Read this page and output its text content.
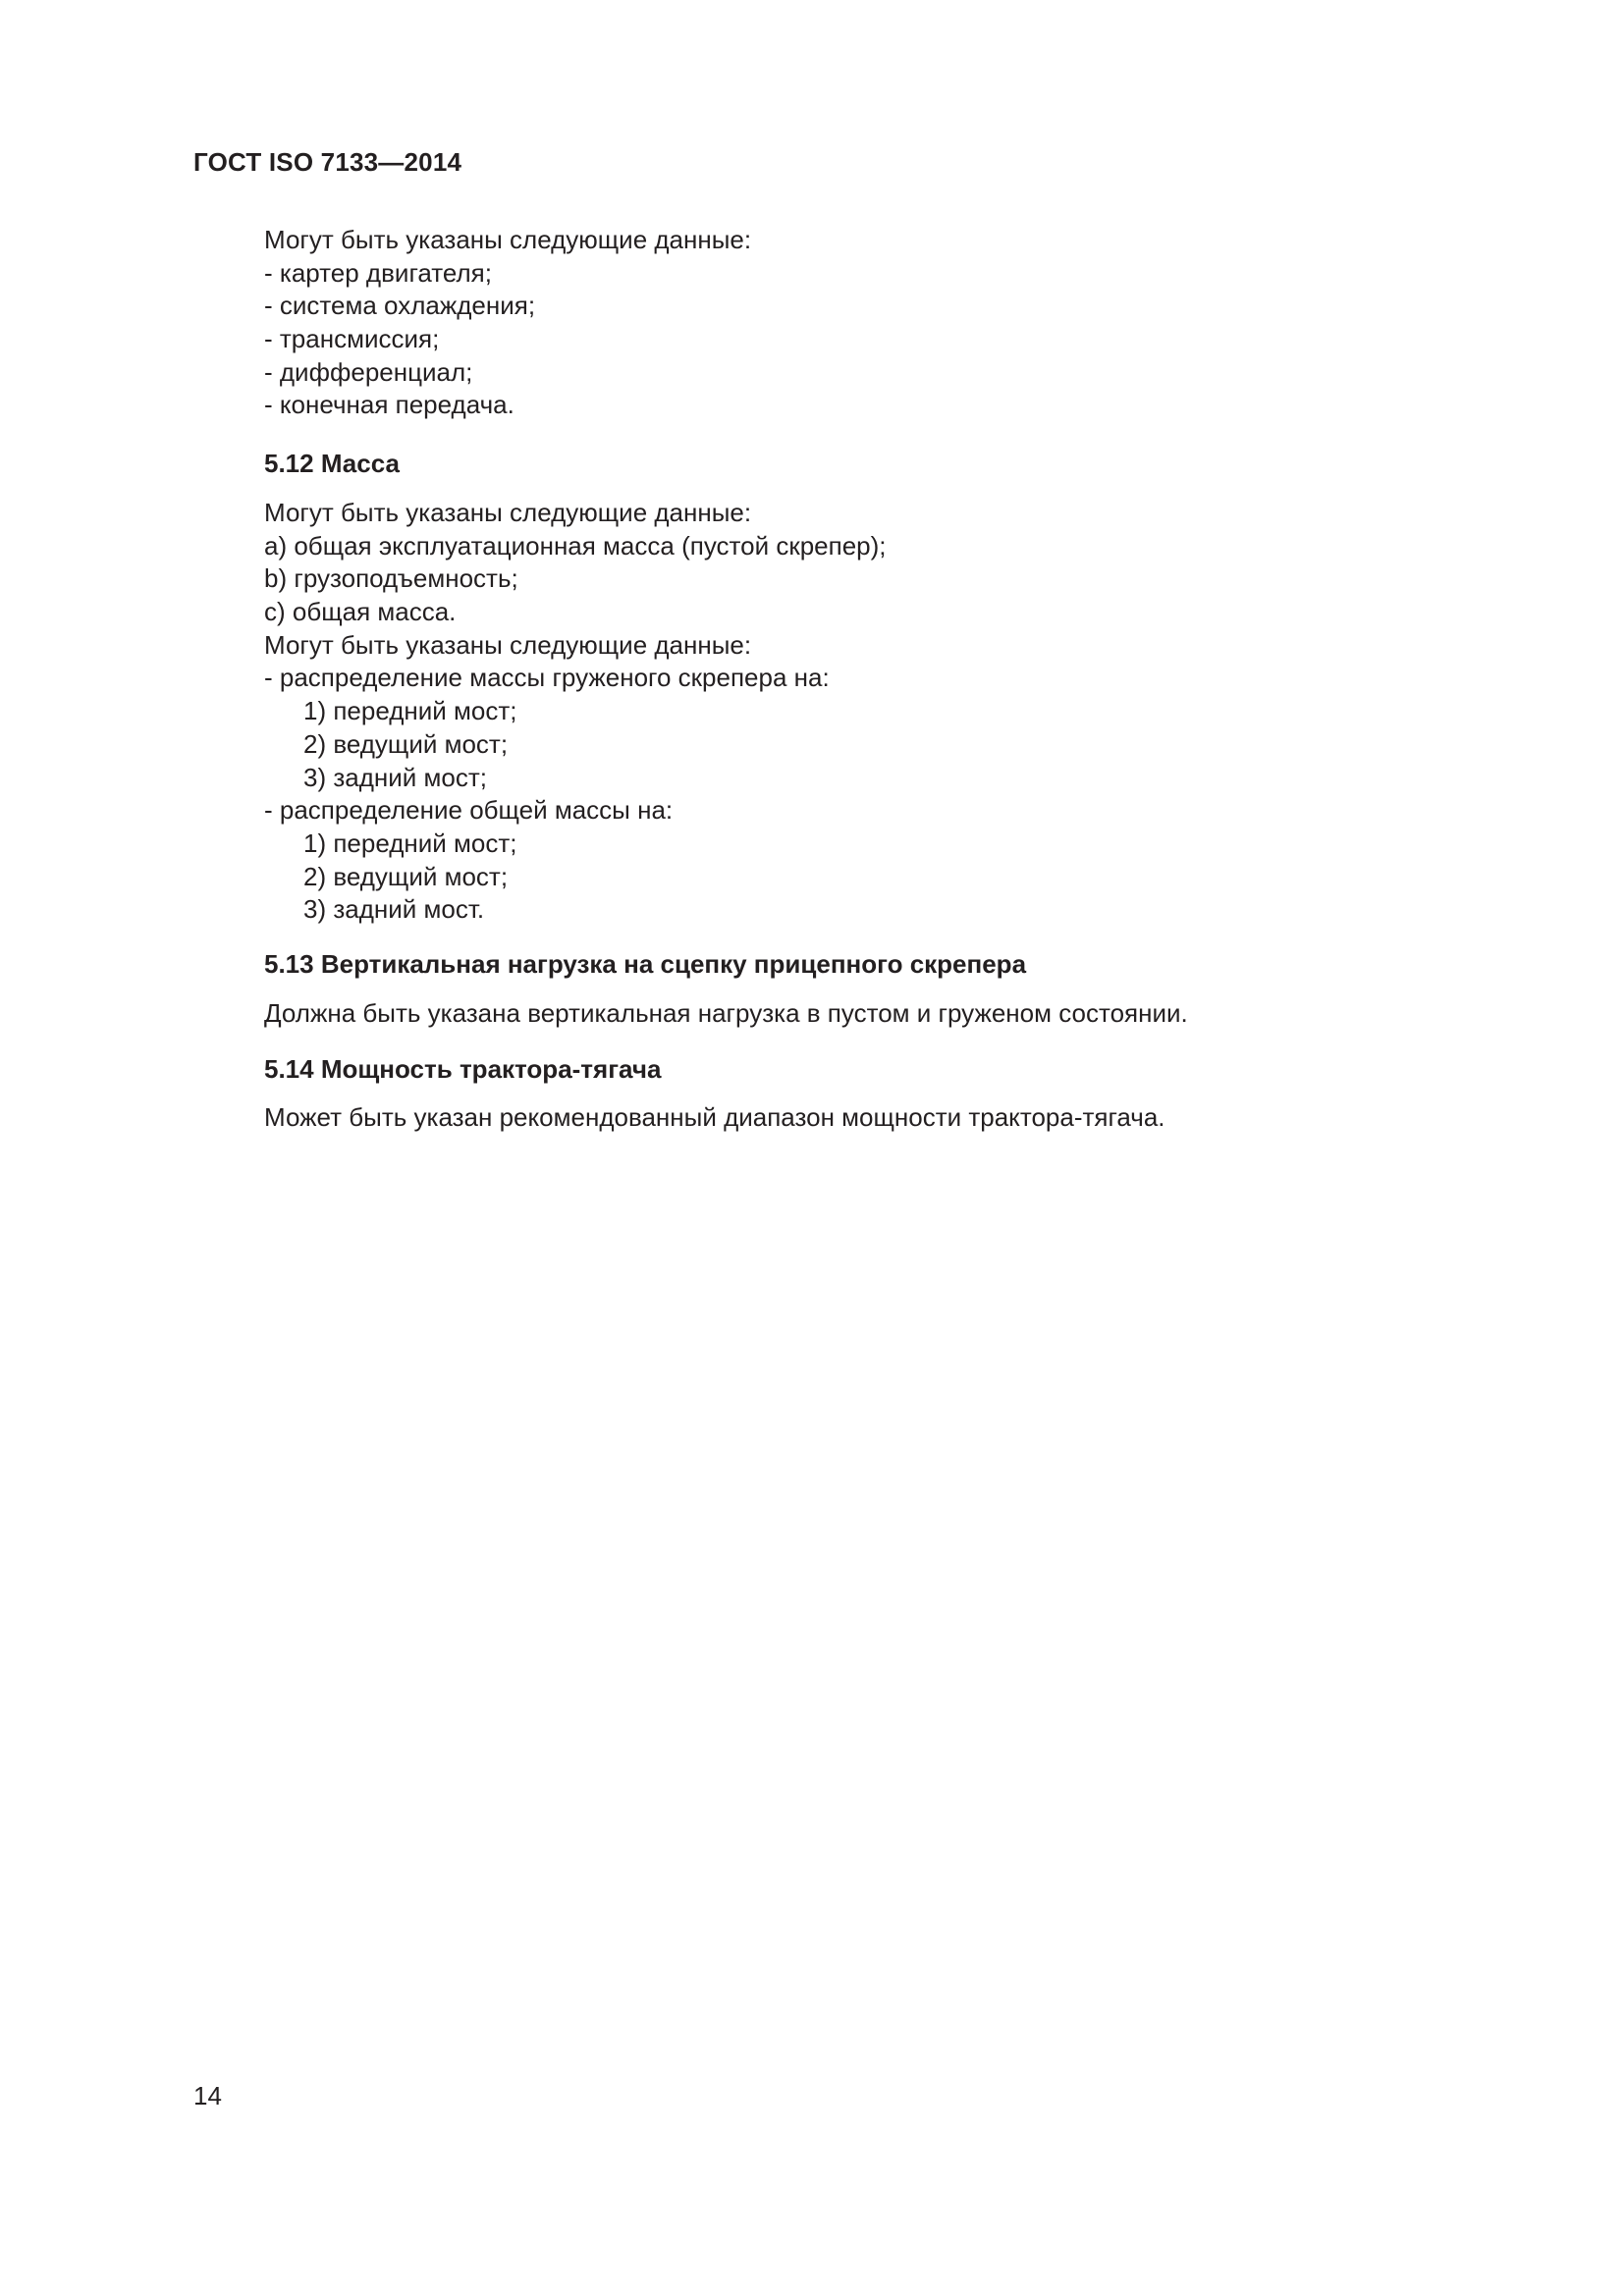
ГОСТ ISO 7133—2014
Могут быть указаны следующие данные:
- картер двигателя;
- система охлаждения;
- трансмиссия;
- дифференциал;
- конечная передача.
5.12 Масса
Могут быть указаны следующие данные:
а) общая эксплуатационная масса (пустой скрепер);
b) грузоподъемность;
с) общая масса.
Могут быть указаны следующие данные:
- распределение массы груженого скрепера на:
1) передний мост;
2) ведущий мост;
3) задний мост;
- распределение общей массы на:
1) передний мост;
2) ведущий мост;
3) задний мост.
5.13 Вертикальная нагрузка на сцепку прицепного скрепера
Должна быть указана вертикальная нагрузка в пустом и груженом состоянии.
5.14 Мощность трактора-тягача
Может быть указан рекомендованный диапазон мощности трактора-тягача.
14
